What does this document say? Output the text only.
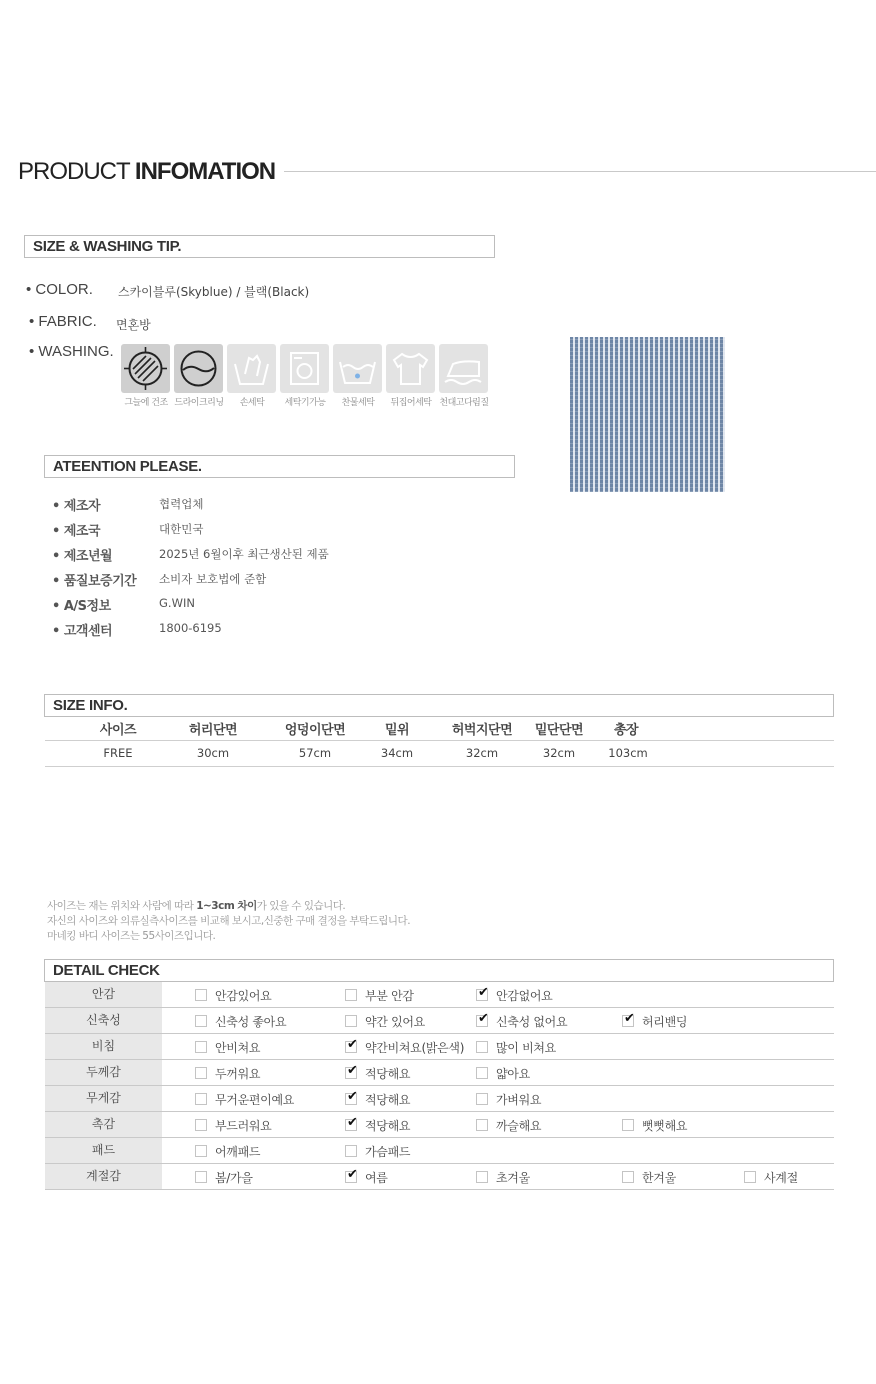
PRODUCT INFOMATION
SIZE & WASHING TIP.
• COLOR. 스카이블루(Skyblue) / 블랙(Black)
• FABRIC. 면혼방
• WASHING.
그늘에 건조 드라이크리닝	손세탁	세탁기가능	찬물세탁	뒤집어세탁 천대고다림질
ATEENTION PLEASE.
• 제조자	협력업체
• 제조국	대한민국
• 제조년월	2025년 6월이후 최근생산된 제품
• 품질보증기간 소비자 보호법에 준함
• A/S정보	G.WIN
• 고객센터	1800-6195
SIZE INFO.
사이즈	허리단면	엉덩이단면	밑위	허벅지단면	밑단단면	총장
FREE	30cm	57cm	34cm	32cm	32cm	103cm
사이즈는 재는 위치와 사람에 따라 1~3cm 차이가 있을 수 있습니다.
자신의 사이즈와 의류실측사이즈를 비교해 보시고,신중한 구매 결정을 부탁드립니다.
마네킹 바디 사이즈는 55사이즈입니다.
DETAIL CHECK
안감	안감있어요	부분 안감	✔ 안감없어요
신축성	신축성 좋아요	약간 있어요	✔ 신축성 없어요	✔ 허리밴딩
비침	안비쳐요	✔ 약간비쳐요(밝은색)	많이 비쳐요
두께감	두꺼워요	✔ 적당해요	얇아요
무게감	무거운편이예요	✔ 적당해요	가벼워요
촉감	부드러워요	✔ 적당해요	까슬해요	뻣뻣해요
패드	어깨패드	가슴패드
계절감	봄/가을	✔ 여름	초겨울	한겨울	사계절
